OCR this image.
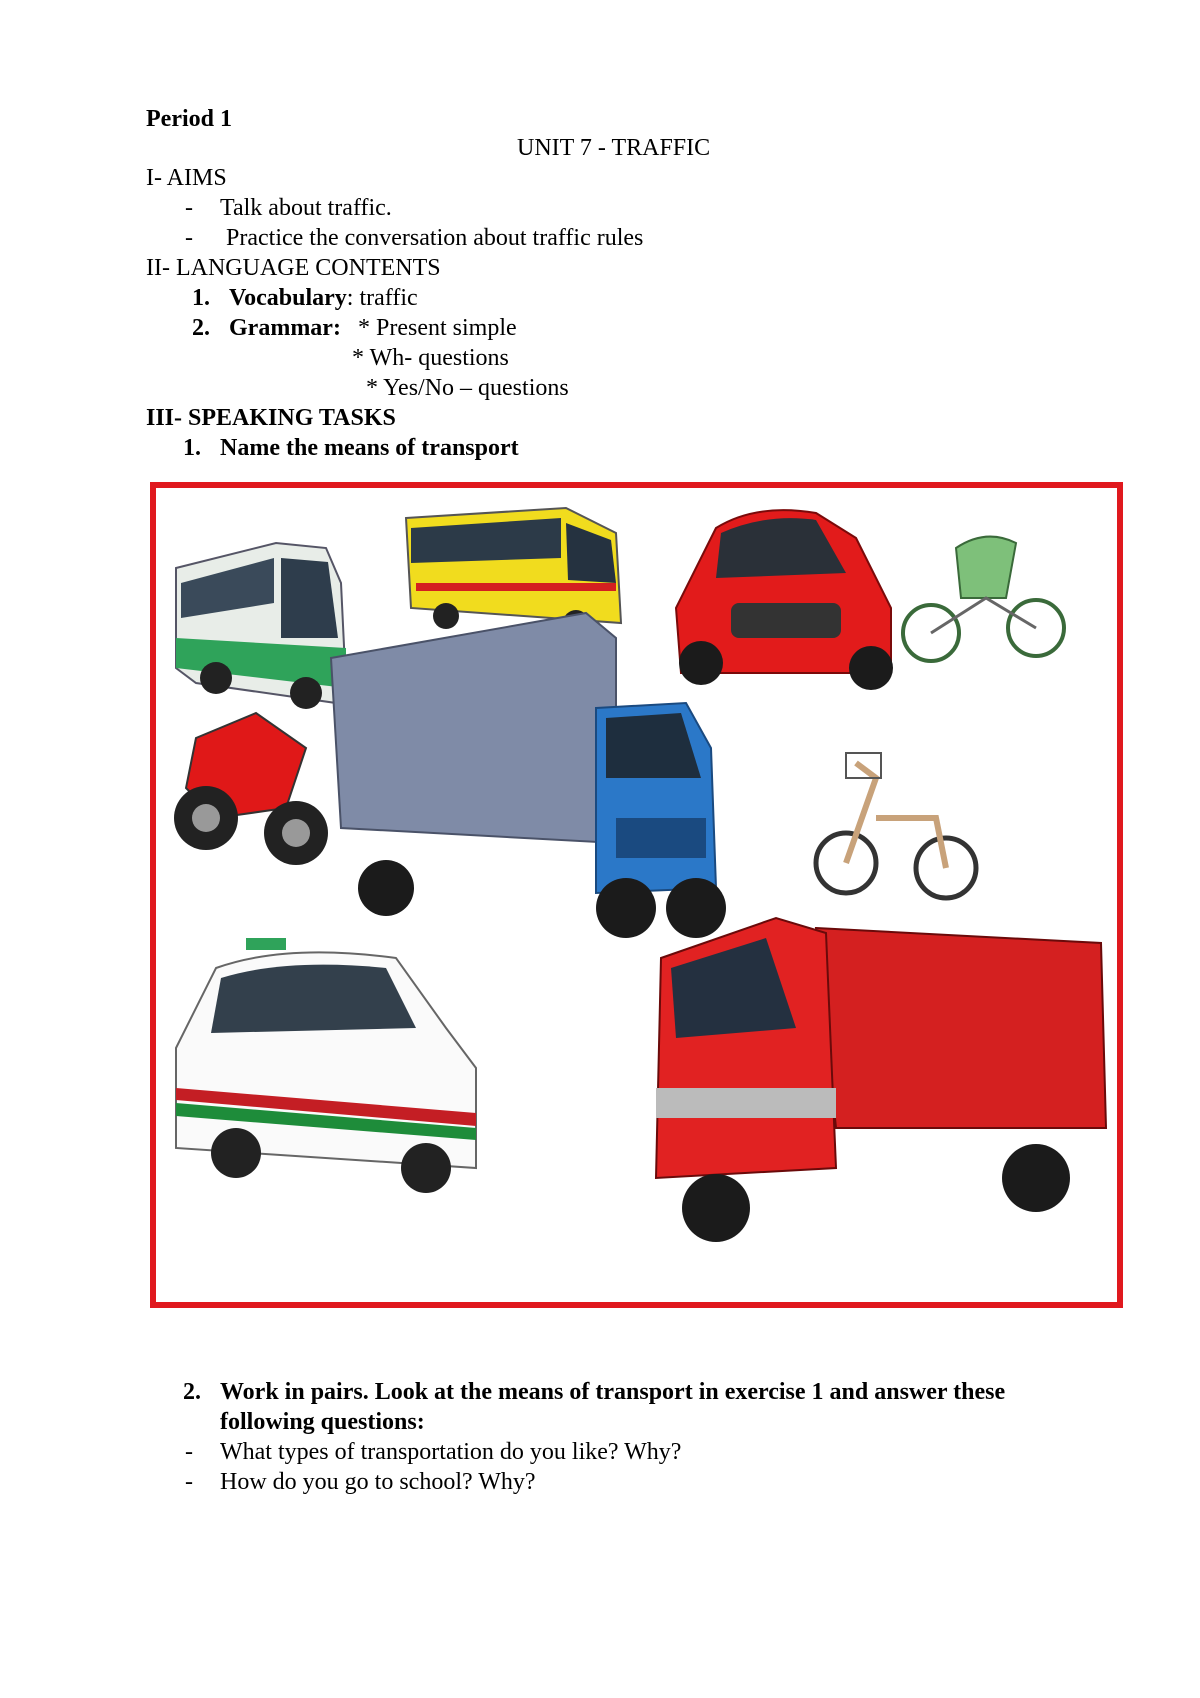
Period 1
UNIT 7 - TRAFFIC
I- AIMS
- Talk about traffic.
- Practice the conversation about traffic rules
II- LANGUAGE CONTENTS
1. Vocabulary: traffic
2. Grammar: * Present simple
* Wh- questions
* Yes/No – questions
III- SPEAKING TASKS
1. Name the means of transport
2. Work in pairs. Look at the means of transport in exercise 1 and answer these
following questions:
- What types of transportation do you like? Why?
- How do you go to school? Why?
